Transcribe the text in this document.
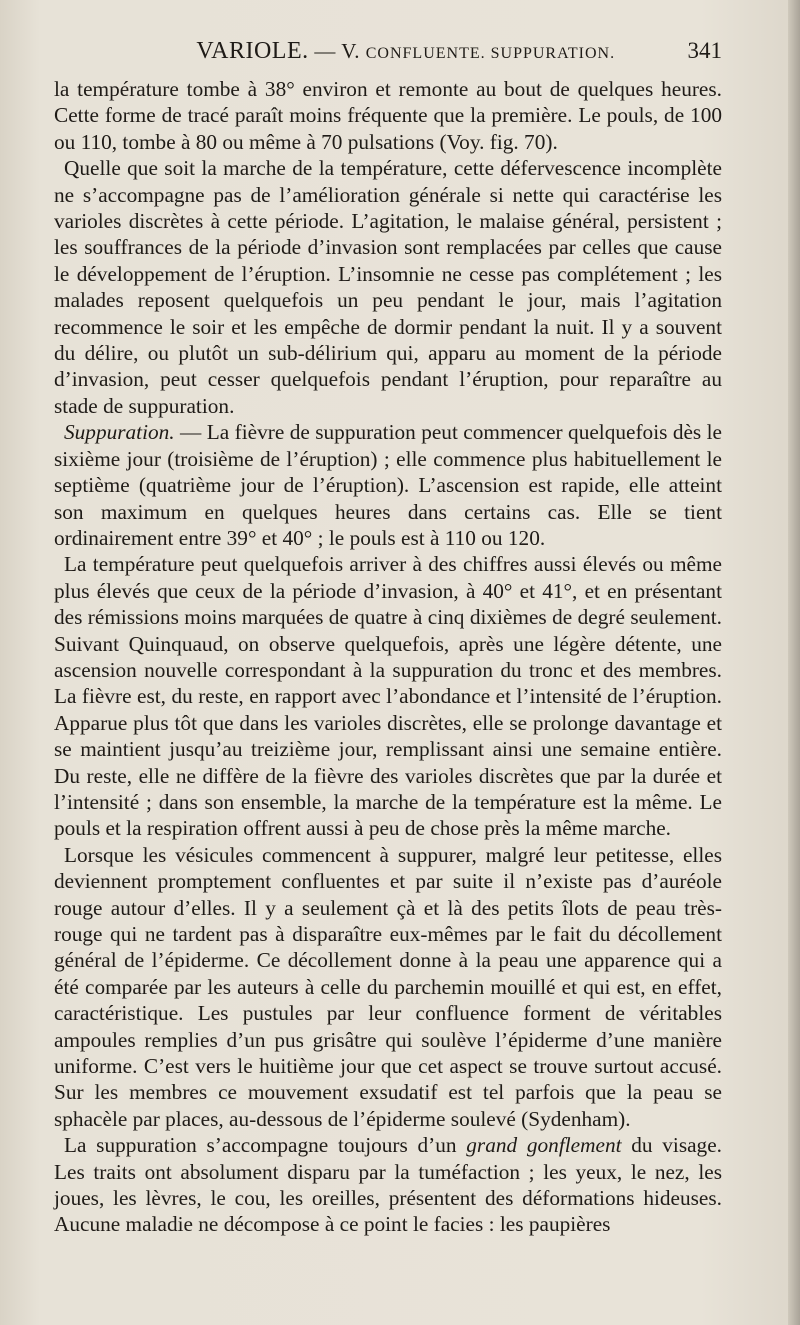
VARIOLE. — V. CONFLUENTE. SUPPURATION.	341

la température tombe à 38° environ et remonte au bout de quelques heures. Cette forme de tracé paraît moins fréquente que la première. Le pouls, de 100 ou 110, tombe à 80 ou même à 70 pulsations (Voy. fig. 70).

Quelle que soit la marche de la température, cette défervescence incomplète ne s’accompagne pas de l’amélioration générale si nette qui caractérise les varioles discrètes à cette période. L’agitation, le malaise général, persistent ; les souffrances de la période d’invasion sont remplacées par celles que cause le développement de l’éruption. L’insomnie ne cesse pas complétement ; les malades reposent quelquefois un peu pendant le jour, mais l’agitation recommence le soir et les empêche de dormir pendant la nuit. Il y a souvent du délire, ou plutôt un sub-délirium qui, apparu au moment de la période d’invasion, peut cesser quelquefois pendant l’éruption, pour reparaître au stade de suppuration.

Suppuration. — La fièvre de suppuration peut commencer quelquefois dès le sixième jour (troisième de l’éruption) ; elle commence plus habituellement le septième (quatrième jour de l’éruption). L’ascension est rapide, elle atteint son maximum en quelques heures dans certains cas. Elle se tient ordinairement entre 39° et 40° ; le pouls est à 110 ou 120.

La température peut quelquefois arriver à des chiffres aussi élevés ou même plus élevés que ceux de la période d’invasion, à 40° et 41°, et en présentant des rémissions moins marquées de quatre à cinq dixièmes de degré seulement. Suivant Quinquaud, on observe quelquefois, après une légère détente, une ascension nouvelle correspondant à la suppuration du tronc et des membres. La fièvre est, du reste, en rapport avec l’abondance et l’intensité de l’éruption. Apparue plus tôt que dans les varioles discrètes, elle se prolonge davantage et se maintient jusqu’au treizième jour, remplissant ainsi une semaine entière. Du reste, elle ne diffère de la fièvre des varioles discrètes que par la durée et l’intensité ; dans son ensemble, la marche de la température est la même. Le pouls et la respiration offrent aussi à peu de chose près la même marche.

Lorsque les vésicules commencent à suppurer, malgré leur petitesse, elles deviennent promptement confluentes et par suite il n’existe pas d’auréole rouge autour d’elles. Il y a seulement çà et là des petits îlots de peau très-rouge qui ne tardent pas à disparaître eux-mêmes par le fait du décollement général de l’épiderme. Ce décollement donne à la peau une apparence qui a été comparée par les auteurs à celle du parchemin mouillé et qui est, en effet, caractéristique. Les pustules par leur confluence forment de véritables ampoules remplies d’un pus grisâtre qui soulève l’épiderme d’une manière uniforme. C’est vers le huitième jour que cet aspect se trouve surtout accusé. Sur les membres ce mouvement exsudatif est tel parfois que la peau se sphacèle par places, au-dessous de l’épiderme soulevé (Sydenham).

La suppuration s’accompagne toujours d’un grand gonflement du visage. Les traits ont absolument disparu par la tuméfaction ; les yeux, le nez, les joues, les lèvres, le cou, les oreilles, présentent des déformations hideuses. Aucune maladie ne décompose à ce point le facies : les paupières
